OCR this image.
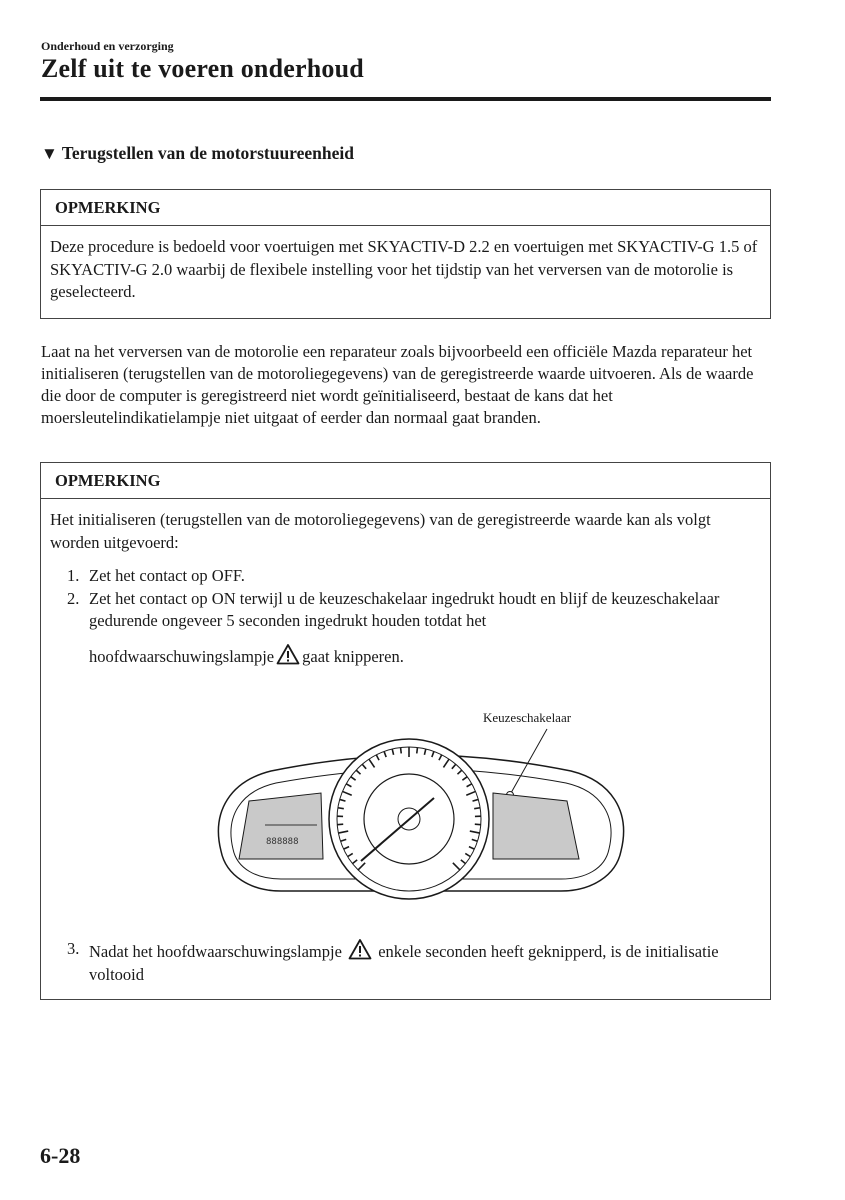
Onderhoud en verzorging
Zelf uit te voeren onderhoud
▼ Terugstellen van de motorstuureenheid
OPMERKING
Deze procedure is bedoeld voor voertuigen met SKYACTIV-D 2.2 en voertuigen met SKYACTIV-G 1.5 of SKYACTIV-G 2.0 waarbij de flexibele instelling voor het tijdstip van het verversen van de motorolie is geselecteerd.
Laat na het verversen van de motorolie een reparateur zoals bijvoorbeeld een officiële Mazda reparateur het initialiseren (terugstellen van de motoroliegegevens) van de geregistreerde waarde uitvoeren. Als de waarde die door de computer is geregistreerd niet wordt geïnitialiseerd, bestaat de kans dat het moersleutelindikatielampje niet uitgaat of eerder dan normaal gaat branden.
OPMERKING
Het initialiseren (terugstellen van de motoroliegegevens) van de geregistreerde waarde kan als volgt worden uitgevoerd:
1. Zet het contact op OFF.
2. Zet het contact op ON terwijl u de keuzeschakelaar ingedrukt houdt en blijf de keuzeschakelaar gedurende ongeveer 5 seconden ingedrukt houden totdat het
hoofdwaarschuwingslampje gaat knipperen.
Keuzeschakelaar
888888
3. Nadat het hoofdwaarschuwingslampje enkele seconden heeft geknipperd, is de initialisatie voltooid
6-28
